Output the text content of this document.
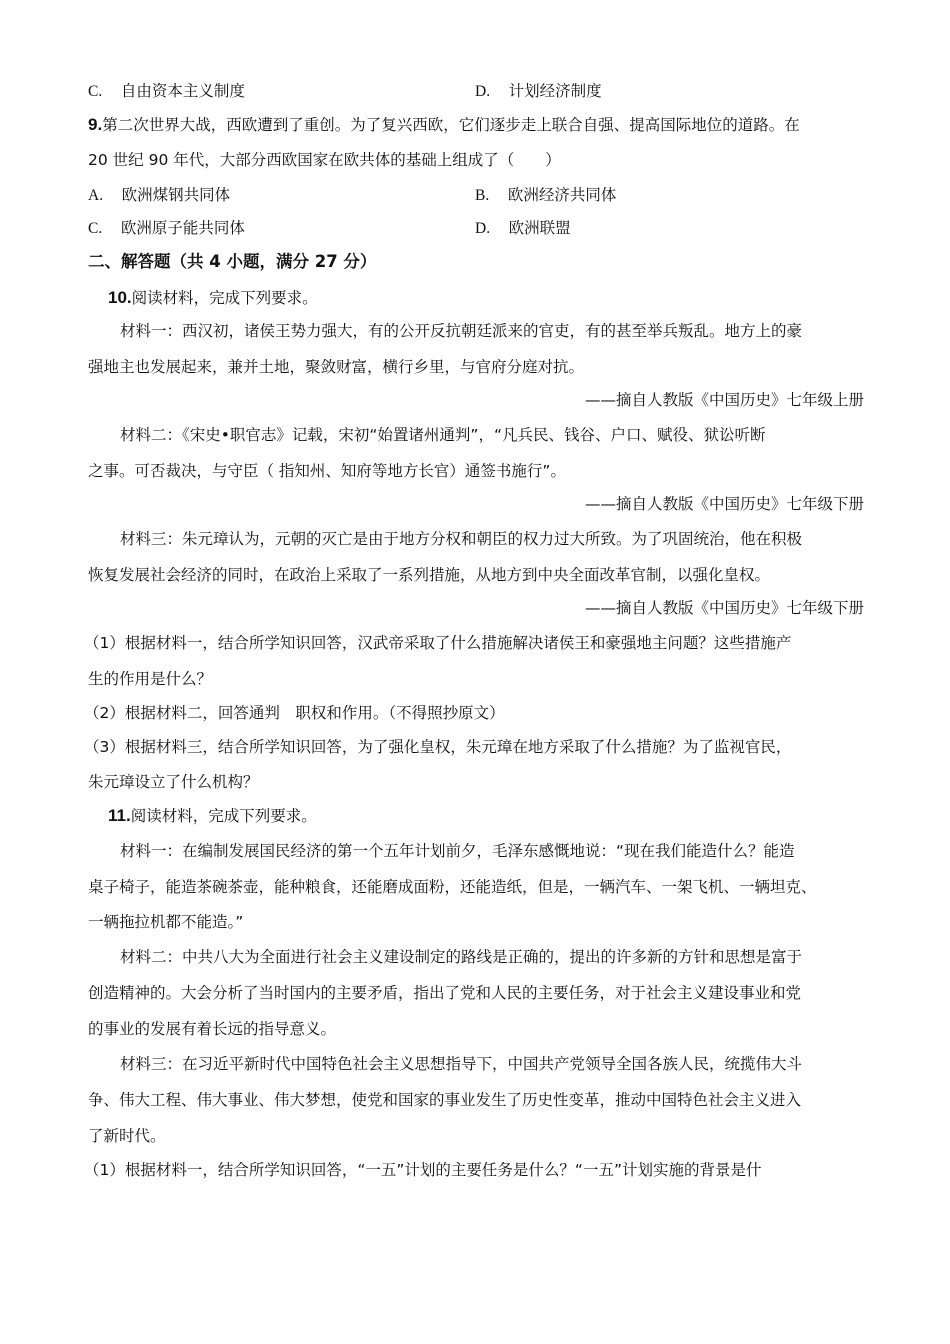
C. 自由资本主义制度	D. 计划经济制度
9.第二次世界大战，西欧遭到了重创。为了复兴西欧，它们逐步走上联合自强、提高国际地位的道路。在
20 世纪 90 年代，大部分西欧国家在欧共体的基础上组成了（　　）
A. 欧洲煤钢共同体	B. 欧洲经济共同体
C. 欧洲原子能共同体	D. 欧洲联盟
二、解答题（共 4 小题，满分 27 分）
10.阅读材料，完成下列要求。
材料一：西汉初，诸侯王势力强大，有的公开反抗朝廷派来的官吏，有的甚至举兵叛乱。地方上的豪
强地主也发展起来，兼并土地，聚敛财富，横行乡里，与官府分庭对抗。
——摘自人教版《中国历史》七年级上册
材料二：《宋史•职官志》记载，宋初“始置诸州通判”，“凡兵民、钱谷、户口、赋役、狱讼听断
之事。可否裁决，与守臣（ 指知州、知府等地方长官）通签书施行”。
——摘自人教版《中国历史》七年级下册
材料三：朱元璋认为，元朝的灭亡是由于地方分权和朝臣的权力过大所致。为了巩固统治，他在积极
恢复发展社会经济的同时，在政治上采取了一系列措施，从地方到中央全面改革官制，以强化皇权。
——摘自人教版《中国历史》七年级下册
（1）根据材料一，结合所学知识回答，汉武帝采取了什么措施解决诸侯王和豪强地主问题？这些措施产
生的作用是什么？
（2）根据材料二，回答通判　职权和作用。（不得照抄原文）
（3）根据材料三，结合所学知识回答，为了强化皇权，朱元璋在地方采取了什么措施？为了监视官民，
朱元璋设立了什么机构？
11.阅读材料，完成下列要求。
材料一：在编制发展国民经济的第一个五年计划前夕，毛泽东感慨地说：“现在我们能造什么？能造
桌子椅子，能造茶碗茶壶，能种粮食，还能磨成面粉，还能造纸，但是，一辆汽车、一架飞机、一辆坦克、
一辆拖拉机都不能造。”
材料二：中共八大为全面进行社会主义建设制定的路线是正确的，提出的许多新的方针和思想是富于
创造精神的。大会分析了当时国内的主要矛盾，指出了党和人民的主要任务，对于社会主义建设事业和党
的事业的发展有着长远的指导意义。
材料三：在习近平新时代中国特色社会主义思想指导下，中国共产党领导全国各族人民，统揽伟大斗
争、伟大工程、伟大事业、伟大梦想，使党和国家的事业发生了历史性变革，推动中国特色社会主义进入
了新时代。
（1）根据材料一，结合所学知识回答，“一五”计划的主要任务是什么？“一五”计划实施的背景是什
